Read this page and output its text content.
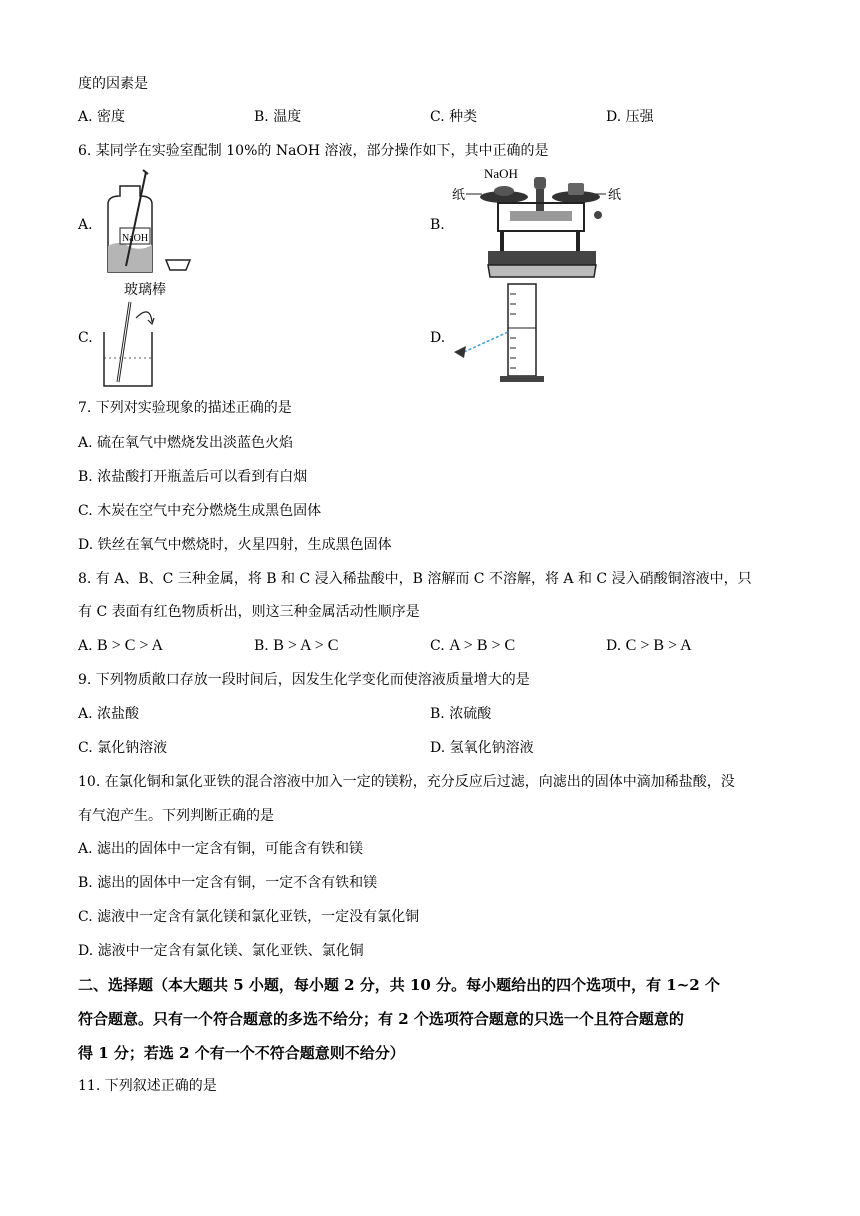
度的因素是
A. 密度	B. 温度	C. 种类	D. 压强
6. 某同学在实验室配制 10%的 NaOH 溶液，部分操作如下，其中正确的是
A.	B.
C.	D.
NaOH
NaOH
纸	纸
玻璃棒
7. 下列对实验现象的描述正确的是
A. 硫在氧气中燃烧发出淡蓝色火焰
B. 浓盐酸打开瓶盖后可以看到有白烟
C. 木炭在空气中充分燃烧生成黑色固体
D. 铁丝在氧气中燃烧时，火星四射，生成黑色固体
8. 有 A、B、C 三种金属，将 B 和 C 浸入稀盐酸中，B 溶解而 C 不溶解，将 A 和 C 浸入硝酸铜溶液中，只
有 C 表面有红色物质析出，则这三种金属活动性顺序是
A. B > C > A	B. B > A > C	C. A > B > C	D. C > B > A
9. 下列物质敞口存放一段时间后，因发生化学变化而使溶液质量增大的是
A. 浓盐酸	B. 浓硫酸
C. 氯化钠溶液	D. 氢氧化钠溶液
10. 在氯化铜和氯化亚铁的混合溶液中加入一定的镁粉，充分反应后过滤，向滤出的固体中滴加稀盐酸，没
有气泡产生。下列判断正确的是
A. 滤出的固体中一定含有铜，可能含有铁和镁
B. 滤出的固体中一定含有铜，一定不含有铁和镁
C. 滤液中一定含有氯化镁和氯化亚铁，一定没有氯化铜
D. 滤液中一定含有氯化镁、氯化亚铁、氯化铜
二、选择题（本大题共 5 小题，每小题 2 分，共 10 分。每小题给出的四个选项中，有 1~2 个
符合题意。只有一个符合题意的多选不给分；有 2 个选项符合题意的只选一个且符合题意的
得 1 分；若选 2 个有一个不符合题意则不给分）
11. 下列叙述正确的是
